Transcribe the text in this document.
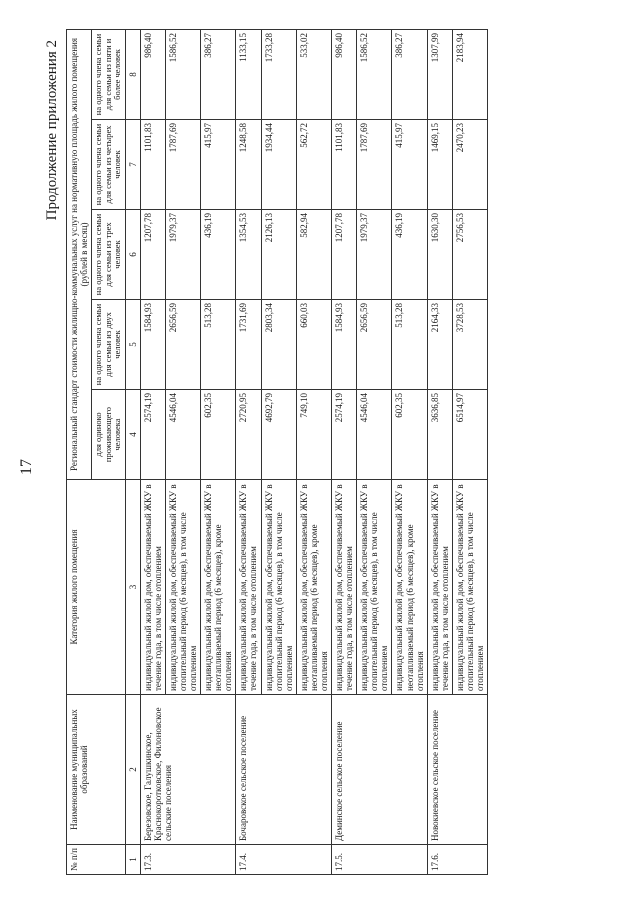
17
Продолжение приложения 2
№ п/п	Наименование муниципальных образований	Категория жилого помещения	Региональный стандарт стоимости жилищно-коммунальных услуг на нормативную площадь жилого помещения (рублей в месяц)				
			для одиноко проживающего человека	на одного члена семьи для семьи из двух человек	на одного члена семьи для семьи из трех человек	на одного члена семьи для семьи из четырех человек	на одного члена семьи для семьи из пяти и более человек
1	2	3	4	5	6	7	8
17.3.	Березовское, Галушкинское, Краснокоротковское, Филоновское сельские поселения	индивидуальный жилой дом, обеспечиваемый ЖКУ в течение года, в том числе отоплением	2574,19	1584,93	1207,78	1101,83	986,40
		индивидуальный жилой дом, обеспечиваемый ЖКУ в отопительный период (6 месяцев), в том числе отоплением	4546,04	2656,59	1979,37	1787,69	1586,52
		индивидуальный жилой дом, обеспечиваемый ЖКУ в неотапливаемый период (6 месяцев), кроме отопления	602,35	513,28	436,19	415,97	386,27
17.4.	Бочаровское сельское поселение	индивидуальный жилой дом, обеспечиваемый ЖКУ в течение года, в том числе отоплением	2720,95	1731,69	1354,53	1248,58	1133,15
		индивидуальный жилой дом, обеспечиваемый ЖКУ в отопительный период (6 месяцев), в том числе отоплением	4692,79	2803,34	2126,13	1934,44	1733,28
		индивидуальный жилой дом, обеспечиваемый ЖКУ в неотапливаемый период (6 месяцев), кроме отопления	749,10	660,03	582,94	562,72	533,02
17.5.	Деминское сельское поселение	индивидуальный жилой дом, обеспечиваемый ЖКУ в течение года, в том числе отоплением	2574,19	1584,93	1207,78	1101,83	986,40
		индивидуальный жилой дом, обеспечиваемый ЖКУ в отопительный период (6 месяцев), в том числе отоплением	4546,04	2656,59	1979,37	1787,69	1586,52
		индивидуальный жилой дом, обеспечиваемый ЖКУ в неотапливаемый период (6 месяцев), кроме отопления	602,35	513,28	436,19	415,97	386,27
17.6.	Новокиевское сельское поселение	индивидуальный жилой дом, обеспечиваемый ЖКУ в течение года, в том числе отоплением	3636,85	2164,33	1630,30	1469,15	1307,99
		индивидуальный жилой дом, обеспечиваемый ЖКУ в отопительный период (6 месяцев), в том числе отоплением	6514,97	3728,53	2756,53	2470,23	2183,94
